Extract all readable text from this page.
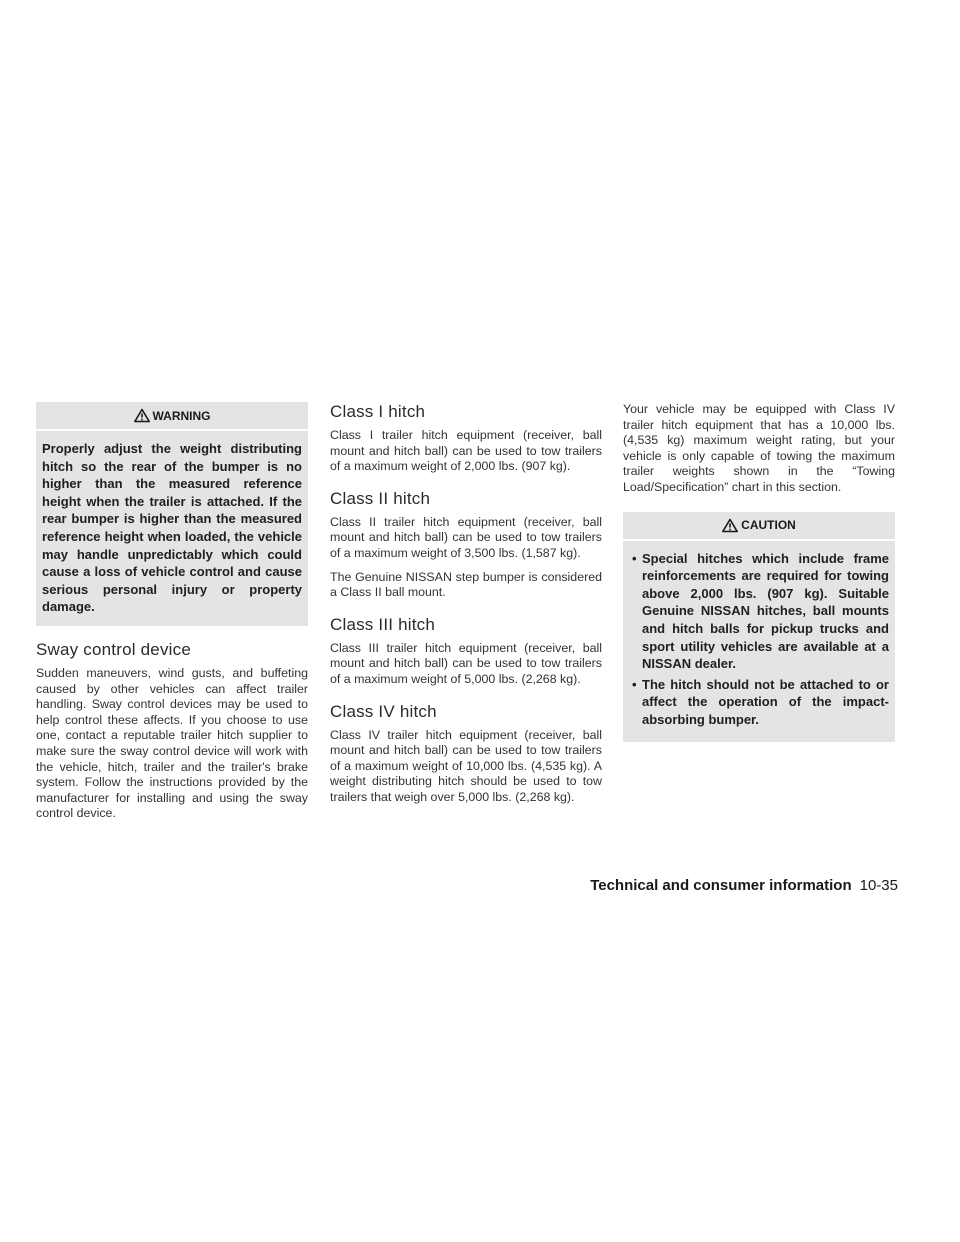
WARNING
Properly adjust the weight distributing hitch so the rear of the bumper is no higher than the measured reference height when the trailer is attached. If the rear bumper is higher than the measured reference height when loaded, the vehicle may handle unpredictably which could cause a loss of vehicle control and cause serious personal injury or property damage.
Sway control device

Sudden maneuvers, wind gusts, and buffeting caused by other vehicles can affect trailer handling. Sway control devices may be used to help control these affects. If you choose to use one, contact a reputable trailer hitch supplier to make sure the sway control device will work with the vehicle, hitch, trailer and the trailer's brake system. Follow the instructions provided by the manufacturer for installing and using the sway control device.

Class I hitch

Class I trailer hitch equipment (receiver, ball mount and hitch ball) can be used to tow trailers of a maximum weight of 2,000 lbs. (907 kg).

Class II hitch

Class II trailer hitch equipment (receiver, ball mount and hitch ball) can be used to tow trailers of a maximum weight of 3,500 lbs. (1,587 kg).

The Genuine NISSAN step bumper is considered a Class II ball mount.

Class III hitch

Class III trailer hitch equipment (receiver, ball mount and hitch ball) can be used to tow trailers of a maximum weight of 5,000 lbs. (2,268 kg).

Class IV hitch

Class IV trailer hitch equipment (receiver, ball mount and hitch ball) can be used to tow trailers of a maximum weight of 10,000 lbs. (4,535 kg). A weight distributing hitch should be used to tow trailers that weigh over 5,000 lbs. (2,268 kg).

Your vehicle may be equipped with Class IV trailer hitch equipment that has a 10,000 lbs. (4,535 kg) maximum weight rating, but your vehicle is only capable of towing the maximum trailer weights shown in the “Towing Load/Specification” chart in this section.

CAUTION
• Special hitches which include frame reinforcements are required for towing above 2,000 lbs. (907 kg). Suitable Genuine NISSAN hitches, ball mounts and hitch balls for pickup trucks and sport utility vehicles are available at a NISSAN dealer.
• The hitch should not be attached to or affect the operation of the impact-absorbing bumper.
Technical and consumer information 10-35
